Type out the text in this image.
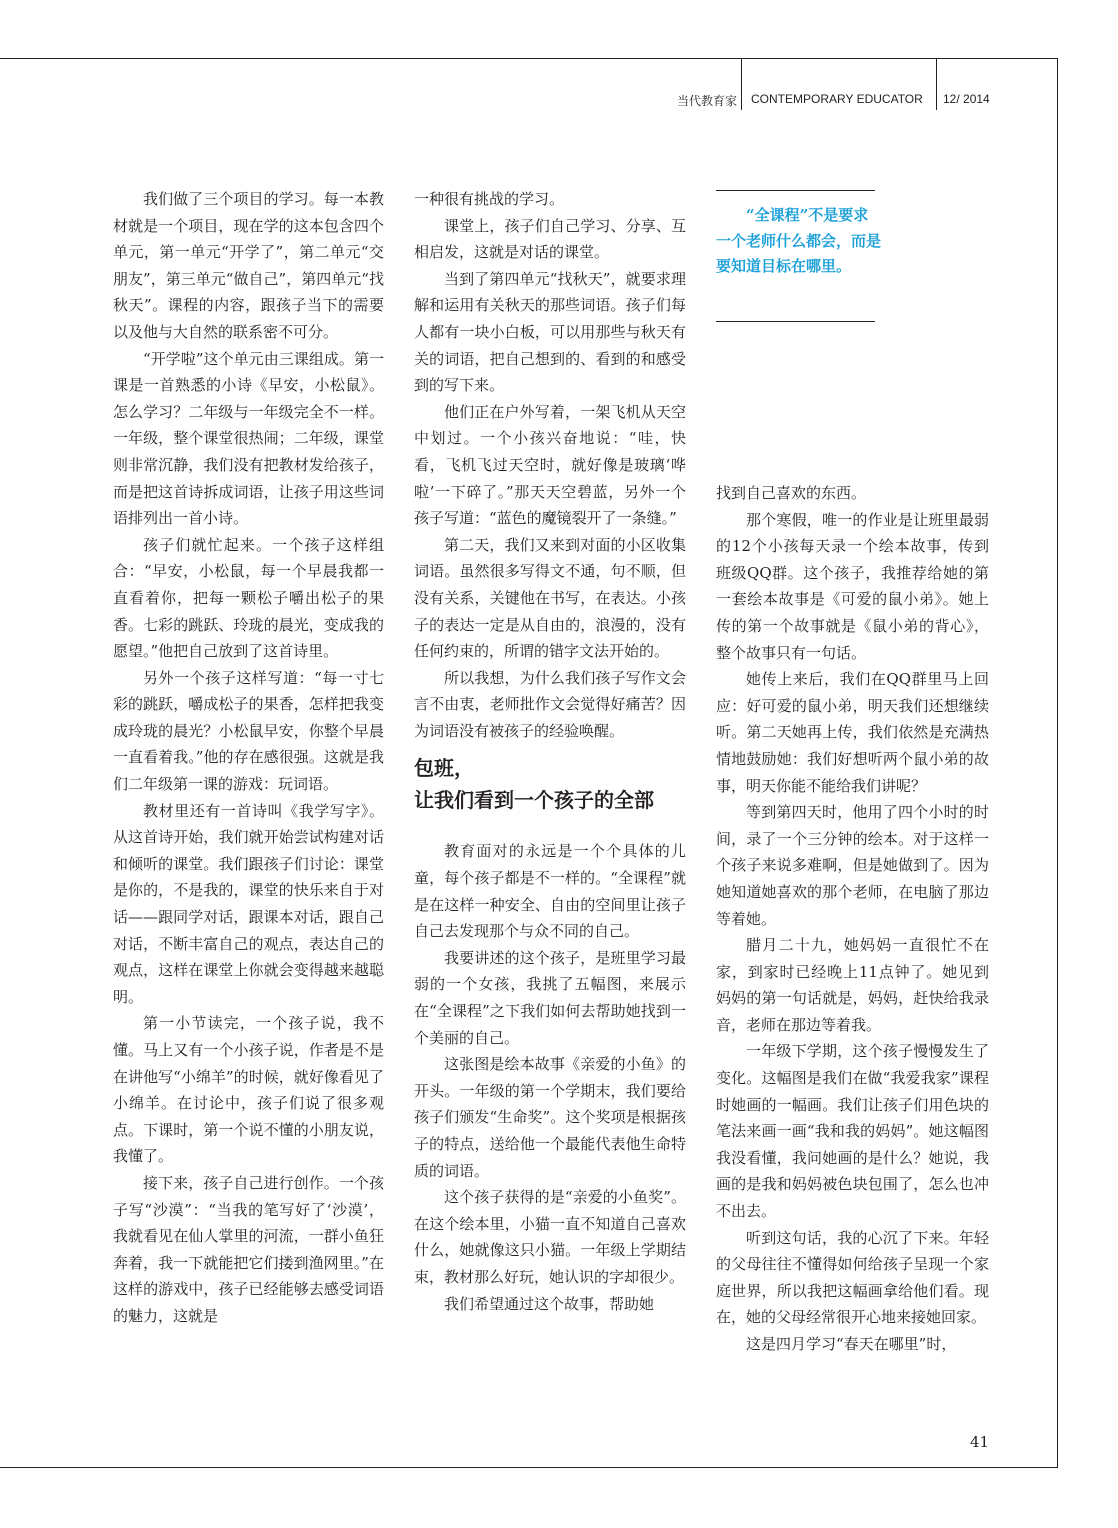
当代教育家 CONTEMPORARY EDUCATOR 12/ 2014

我们做了三个项目的学习。每一本教材就是一个项目，现在学的这本包含四个单元，第一单元“开学了”，第二单元“交朋友”，第三单元“做自己”，第四单元“找秋天”。课程的内容，跟孩子当下的需要以及他与大自然的联系密不可分。

“开学啦”这个单元由三课组成。第一课是一首熟悉的小诗《早安，小松鼠》。怎么学习？二年级与一年级完全不一样。一年级，整个课堂很热闹；二年级，课堂则非常沉静，我们没有把教材发给孩子，而是把这首诗拆成词语，让孩子用这些词语排列出一首小诗。

孩子们就忙起来。一个孩子这样组合：“早安，小松鼠，每一个早晨我都一直看着你，把每一颗松子嚼出松子的果香。七彩的跳跃、玲珑的晨光，变成我的愿望。”他把自己放到了这首诗里。

另外一个孩子这样写道：“每一寸七彩的跳跃，嚼成松子的果香，怎样把我变成玲珑的晨光？小松鼠早安，你整个早晨一直看着我。”他的存在感很强。这就是我们二年级第一课的游戏：玩词语。

教材里还有一首诗叫《我学写字》。从这首诗开始，我们就开始尝试构建对话和倾听的课堂。我们跟孩子们讨论：课堂是你的，不是我的，课堂的快乐来自于对话——跟同学对话，跟课本对话，跟自己对话，不断丰富自己的观点，表达自己的观点，这样在课堂上你就会变得越来越聪明。

第一小节读完，一个孩子说，我不懂。马上又有一个小孩子说，作者是不是在讲他写“小绵羊”的时候，就好像看见了小绵羊。在讨论中，孩子们说了很多观点。下课时，第一个说不懂的小朋友说，我懂了。

接下来，孩子自己进行创作。一个孩子写“沙漠”：“当我的笔写好了‘沙漠’，我就看见在仙人掌里的河流，一群小鱼狂奔着，我一下就能把它们搂到渔网里。”在这样的游戏中，孩子已经能够去感受词语的魅力，这就是

一种很有挑战的学习。

课堂上，孩子们自己学习、分享、互相启发，这就是对话的课堂。

当到了第四单元“找秋天”，就要求理解和运用有关秋天的那些词语。孩子们每人都有一块小白板，可以用那些与秋天有关的词语，把自己想到的、看到的和感受到的写下来。

他们正在户外写着，一架飞机从天空中划过。一个小孩兴奋地说：“哇，快看，飞机飞过天空时，就好像是玻璃‘哗啦’一下碎了。”那天天空碧蓝，另外一个孩子写道：“蓝色的魔镜裂开了一条缝。”

第二天，我们又来到对面的小区收集词语。虽然很多写得文不通，句不顺，但没有关系，关键他在书写，在表达。小孩子的表达一定是从自由的，浪漫的，没有任何约束的，所谓的错字文法开始的。

所以我想，为什么我们孩子写作文会言不由衷，老师批作文会觉得好痛苦？因为词语没有被孩子的经验唤醒。

包班，
让我们看到一个孩子的全部

教育面对的永远是一个个具体的儿童，每个孩子都是不一样的。“全课程”就是在这样一种安全、自由的空间里让孩子自己去发现那个与众不同的自己。

我要讲述的这个孩子，是班里学习最弱的一个女孩，我挑了五幅图，来展示在“全课程”之下我们如何去帮助她找到一个美丽的自己。

这张图是绘本故事《亲爱的小鱼》的开头。一年级的第一个学期末，我们要给孩子们颁发“生命奖”。这个奖项是根据孩子的特点，送给他一个最能代表他生命特质的词语。

这个孩子获得的是“亲爱的小鱼奖”。在这个绘本里，小猫一直不知道自己喜欢什么，她就像这只小猫。一年级上学期结束，教材那么好玩，她认识的字却很少。

我们希望通过这个故事，帮助她

“全课程”不是要求一个老师什么都会，而是要知道目标在哪里。

找到自己喜欢的东西。

那个寒假，唯一的作业是让班里最弱的12个小孩每天录一个绘本故事，传到班级QQ群。这个孩子，我推荐给她的第一套绘本故事是《可爱的鼠小弟》。她上传的第一个故事就是《鼠小弟的背心》，整个故事只有一句话。

她传上来后，我们在QQ群里马上回应：好可爱的鼠小弟，明天我们还想继续听。第二天她再上传，我们依然是充满热情地鼓励她：我们好想听两个鼠小弟的故事，明天你能不能给我们讲呢？

等到第四天时，他用了四个小时的时间，录了一个三分钟的绘本。对于这样一个孩子来说多难啊，但是她做到了。因为她知道她喜欢的那个老师，在电脑了那边等着她。

腊月二十九，她妈妈一直很忙不在家，到家时已经晚上11点钟了。她见到妈妈的第一句话就是，妈妈，赶快给我录音，老师在那边等着我。

一年级下学期，这个孩子慢慢发生了变化。这幅图是我们在做“我爱我家”课程时她画的一幅画。我们让孩子们用色块的笔法来画一画“我和我的妈妈”。她这幅图我没看懂，我问她画的是什么？她说，我画的是我和妈妈被色块包围了，怎么也冲不出去。

听到这句话，我的心沉了下来。年轻的父母往往不懂得如何给孩子呈现一个家庭世界，所以我把这幅画拿给他们看。现在，她的父母经常很开心地来接她回家。

这是四月学习“春天在哪里”时，

41
